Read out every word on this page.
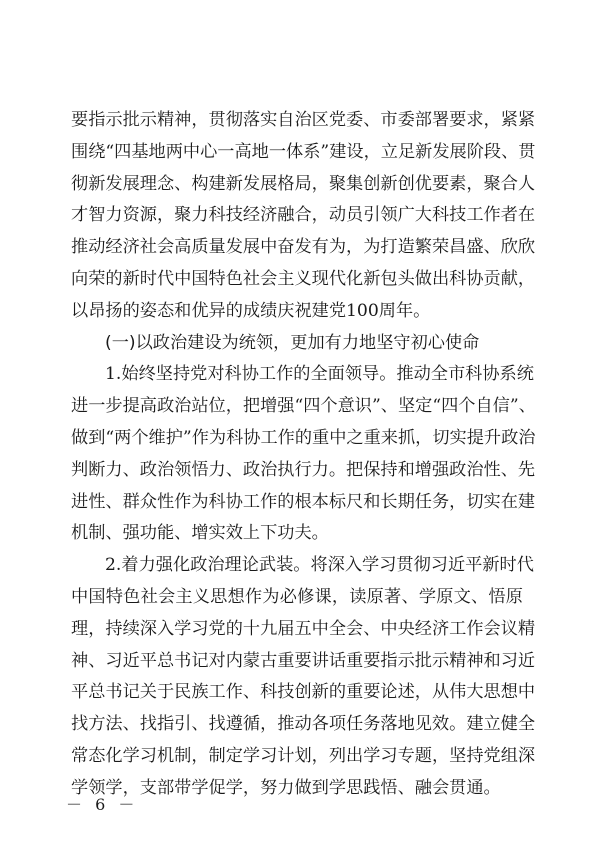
要指示批示精神，贯彻落实自治区党委、市委部署要求，紧紧
围绕“四基地两中心一高地一体系”建设，立足新发展阶段、贯
彻新发展理念、构建新发展格局，聚集创新创优要素，聚合人
才智力资源，聚力科技经济融合，动员引领广大科技工作者在
推动经济社会高质量发展中奋发有为，为打造繁荣昌盛、欣欣
向荣的新时代中国特色社会主义现代化新包头做出科协贡献，
以昂扬的姿态和优异的成绩庆祝建党100周年。
(一)以政治建设为统领，更加有力地坚守初心使命
1.始终坚持党对科协工作的全面领导。推动全市科协系统
进一步提高政治站位，把增强“四个意识”、坚定“四个自信”、
做到“两个维护”作为科协工作的重中之重来抓，切实提升政治
判断力、政治领悟力、政治执行力。把保持和增强政治性、先
进性、群众性作为科协工作的根本标尺和长期任务，切实在建
机制、强功能、增实效上下功夫。
2.着力强化政治理论武装。将深入学习贯彻习近平新时代
中国特色社会主义思想作为必修课，读原著、学原文、悟原
理，持续深入学习党的十九届五中全会、中央经济工作会议精
神、习近平总书记对内蒙古重要讲话重要指示批示精神和习近
平总书记关于民族工作、科技创新的重要论述，从伟大思想中
找方法、找指引、找遵循，推动各项任务落地见效。建立健全
常态化学习机制，制定学习计划，列出学习专题，坚持党组深
学领学，支部带学促学，努力做到学思践悟、融会贯通。
－ 6 －
